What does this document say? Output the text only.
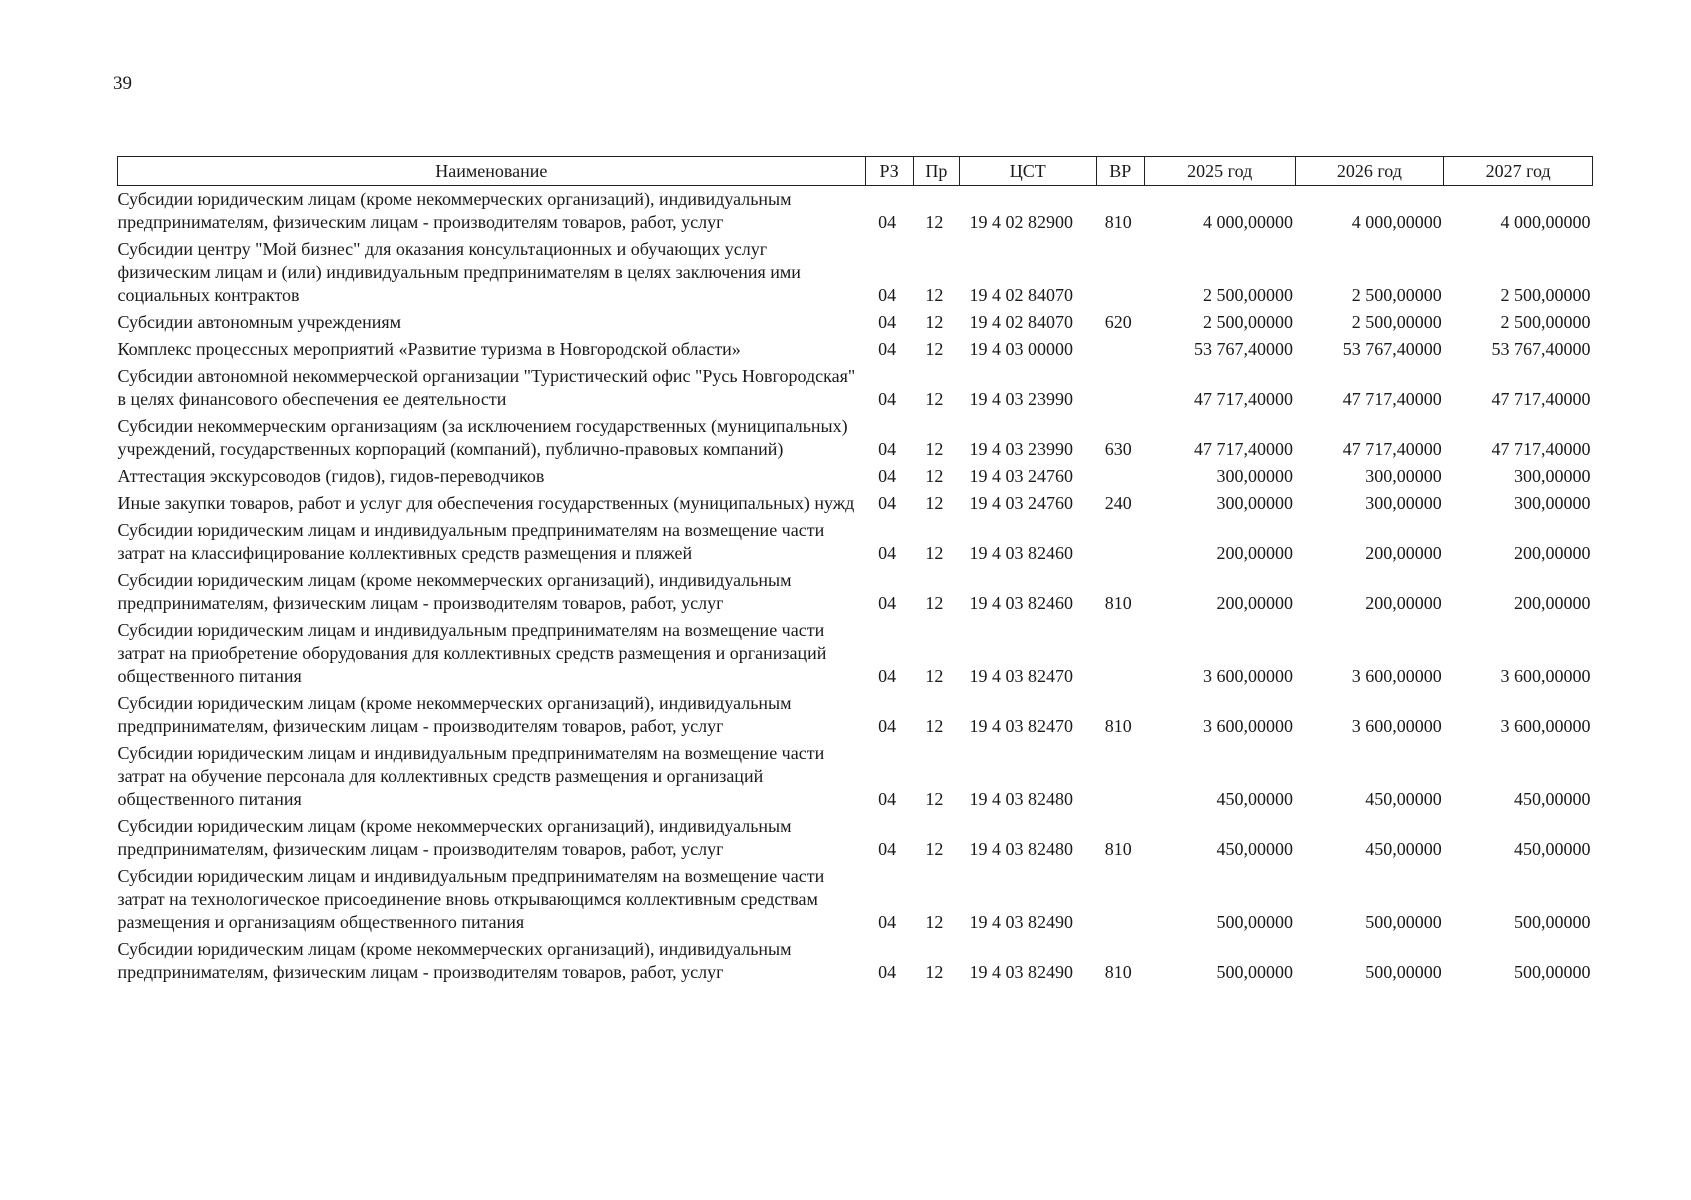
39
Наименование	РЗ	Пр	ЦСТ	ВР	2025 год	2026 год	2027 год
Субсидии юридическим лицам (кроме некоммерческих организаций), индивидуальным предпринимателям, физическим лицам - производителям товаров, работ, услуг	04	12	19 4 02 82900	810	4 000,00000	4 000,00000	4 000,00000
Субсидии центру "Мой бизнес" для оказания консультационных и обучающих услуг физическим лицам и (или) индивидуальным предпринимателям в целях заключения ими социальных контрактов	04	12	19 4 02 84070		2 500,00000	2 500,00000	2 500,00000
Субсидии автономным учреждениям	04	12	19 4 02 84070	620	2 500,00000	2 500,00000	2 500,00000
Комплекс процессных мероприятий «Развитие туризма в Новгородской области»	04	12	19 4 03 00000		53 767,40000	53 767,40000	53 767,40000
Субсидии автономной некоммерческой организации "Туристический офис "Русь Новгородская" в целях финансового обеспечения ее деятельности	04	12	19 4 03 23990		47 717,40000	47 717,40000	47 717,40000
Субсидии некоммерческим организациям (за исключением государственных (муниципальных) учреждений, государственных корпораций (компаний), публично-правовых компаний)	04	12	19 4 03 23990	630	47 717,40000	47 717,40000	47 717,40000
Аттестация экскурсоводов (гидов), гидов-переводчиков	04	12	19 4 03 24760		300,00000	300,00000	300,00000
Иные закупки товаров, работ и услуг для обеспечения государственных (муниципальных) нужд	04	12	19 4 03 24760	240	300,00000	300,00000	300,00000
Субсидии юридическим лицам и индивидуальным предпринимателям на возмещение части затрат на классифицирование коллективных средств размещения и пляжей	04	12	19 4 03 82460		200,00000	200,00000	200,00000
Субсидии юридическим лицам (кроме некоммерческих организаций), индивидуальным предпринимателям, физическим лицам - производителям товаров, работ, услуг	04	12	19 4 03 82460	810	200,00000	200,00000	200,00000
Субсидии юридическим лицам и индивидуальным предпринимателям на возмещение части затрат на приобретение оборудования для коллективных средств размещения и организаций общественного питания	04	12	19 4 03 82470		3 600,00000	3 600,00000	3 600,00000
Субсидии юридическим лицам (кроме некоммерческих организаций), индивидуальным предпринимателям, физическим лицам - производителям товаров, работ, услуг	04	12	19 4 03 82470	810	3 600,00000	3 600,00000	3 600,00000
Субсидии юридическим лицам и индивидуальным предпринимателям на возмещение части затрат на обучение персонала для коллективных средств размещения и организаций общественного питания	04	12	19 4 03 82480		450,00000	450,00000	450,00000
Субсидии юридическим лицам (кроме некоммерческих организаций), индивидуальным предпринимателям, физическим лицам - производителям товаров, работ, услуг	04	12	19 4 03 82480	810	450,00000	450,00000	450,00000
Субсидии юридическим лицам и индивидуальным предпринимателям на возмещение части затрат на технологическое присоединение вновь открывающимся коллективным средствам размещения и организациям общественного питания	04	12	19 4 03 82490		500,00000	500,00000	500,00000
Субсидии юридическим лицам (кроме некоммерческих организаций), индивидуальным предпринимателям, физическим лицам - производителям товаров, работ, услуг	04	12	19 4 03 82490	810	500,00000	500,00000	500,00000
